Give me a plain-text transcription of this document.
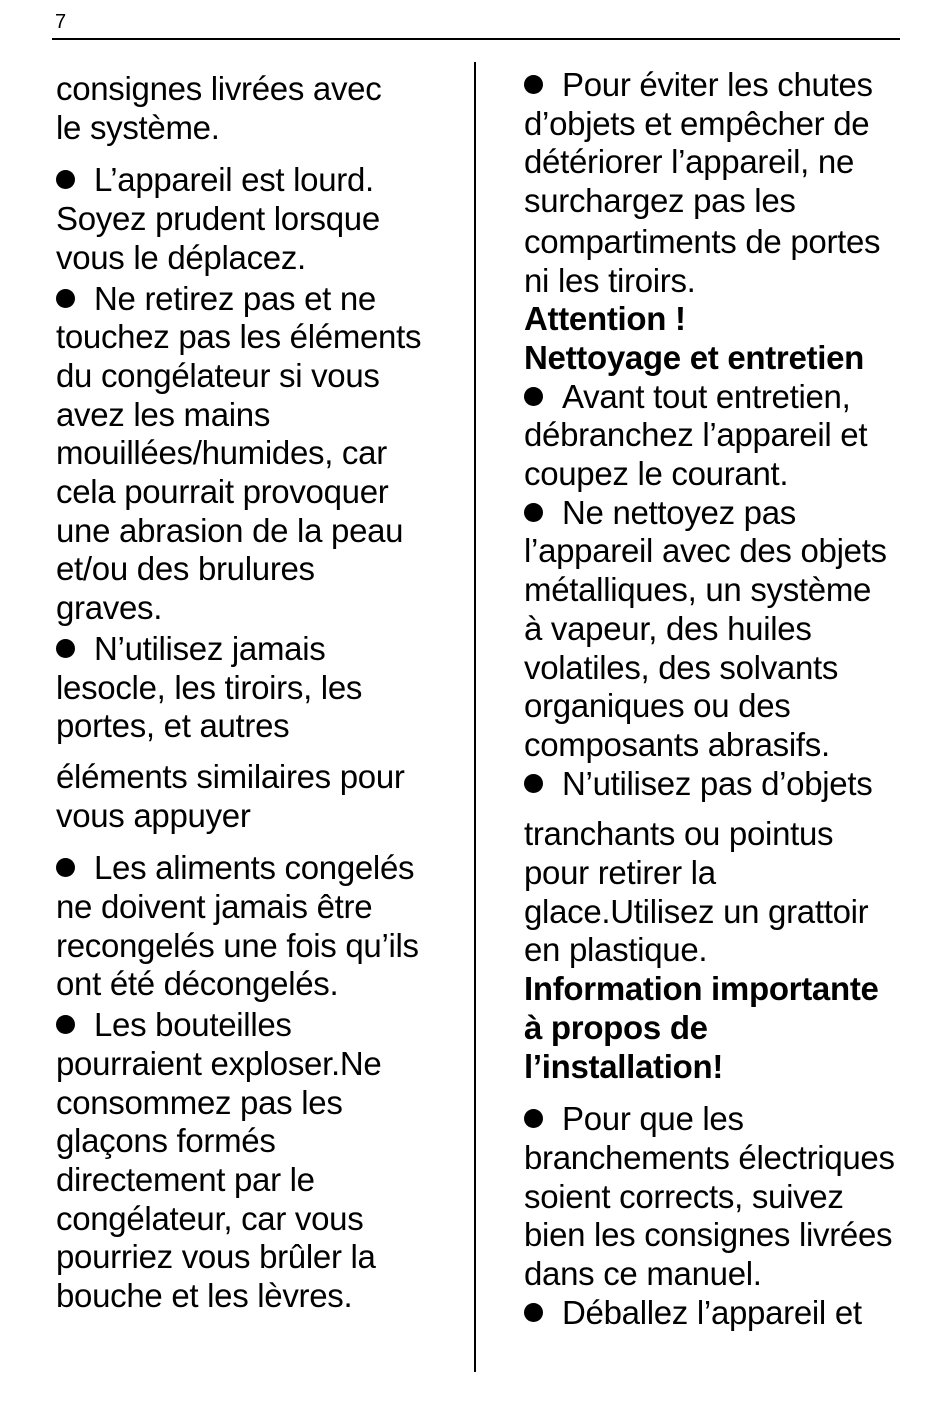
7

consignes livrées avec
le système.

L’appareil est lourd.
Soyez prudent lorsque
vous le déplacez.

Ne retirez pas et ne
touchez pas les éléments
du congélateur si vous
avez les mains
mouillées/humides, car
cela pourrait provoquer
une abrasion de la peau
et/ou des brulures
graves.

N’utilisez jamais
lesocle, les tiroirs, les
portes, et autres

éléments similaires pour
vous appuyer

Les aliments congelés
ne doivent jamais être
recongelés une fois qu’ils
ont été décongelés.

Les bouteilles
pourraient exploser.Ne
consommez pas les
glaçons formés
directement par le
congélateur, car vous
pourriez vous brûler la
bouche et les lèvres.

Pour éviter les chutes
d’objets et empêcher de
détériorer l’appareil, ne
surchargez pas les

compartiments de portes
ni les tiroirs.

Attention !
Nettoyage et entretien

Avant tout entretien,
débranchez l’appareil et
coupez le courant.

Ne nettoyez pas
l’appareil avec des objets
métalliques, un système
à vapeur, des huiles
volatiles, des solvants
organiques ou des
composants abrasifs.

N’utilisez pas d’objets

tranchants ou pointus
pour retirer la
glace.Utilisez un grattoir
en plastique.

Information importante
à propos de
l’installation!

Pour que les
branchements électriques
soient corrects, suivez
bien les consignes livrées
dans ce manuel.

Déballez l’appareil et
